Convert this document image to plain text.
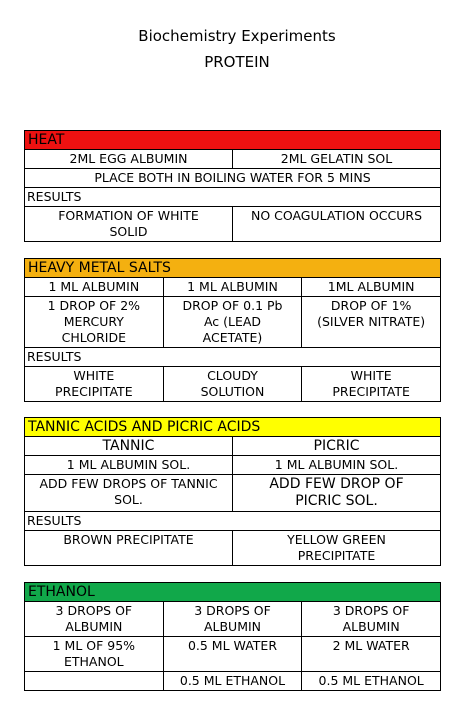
Biochemistry Experiments
PROTEIN
HEAT	
2ML EGG ALBUMIN	2ML GELATIN SOL
PLACE BOTH IN BOILING WATER FOR 5 MINS	
RESULTS	
FORMATION OF WHITE SOLID	NO COAGULATION OCCURS
HEAVY METAL SALTS		
1 ML ALBUMIN	1 ML ALBUMIN	1ML ALBUMIN
1 DROP OF 2% MERCURY CHLORIDE	DROP OF 0.1 Pb Ac (LEAD ACETATE)	DROP OF 1% (SILVER NITRATE)
RESULTS		
WHITE PRECIPITATE	CLOUDY SOLUTION	WHITE PRECIPITATE
TANNIC ACIDS AND PICRIC ACIDS	
TANNIC	PICRIC
1 ML ALBUMIN SOL.	1 ML ALBUMIN SOL.
ADD FEW DROPS OF TANNIC SOL.	ADD FEW DROP OF PICRIC SOL.
RESULTS	
BROWN PRECIPITATE	YELLOW GREEN PRECIPITATE
ETHANOL		
3 DROPS OF ALBUMIN	3 DROPS OF ALBUMIN	3 DROPS OF ALBUMIN
1 ML OF 95% ETHANOL	0.5 ML WATER	2 ML WATER
	0.5 ML ETHANOL	0.5 ML ETHANOL
